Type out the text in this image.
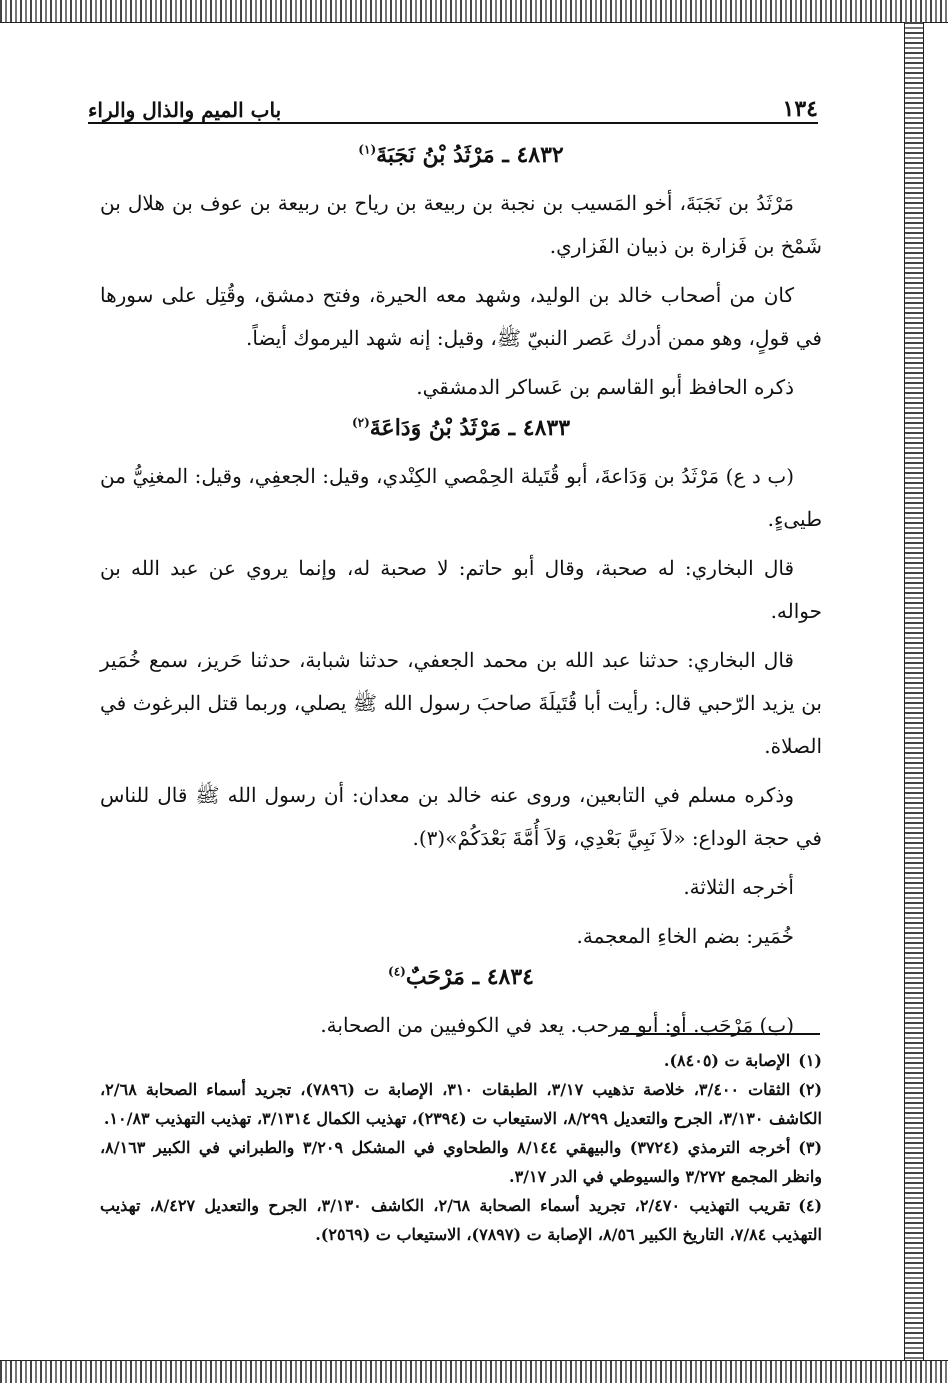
١٣٤
باب الميم والذال والراء
٤٨٣٢ ـ مَرْثَدُ بْنُ نَجَبَةَ$^{(١)}$

مَرْثَدُ بن نَجَبَةَ، أخو المَسيب بن نجبة بن ربيعة بن رياح بن ربيعة بن عوف بن هلال بن شَمْخ بن فَزارة بن ذبيان الفَزاري.

كان من أصحاب خالد بن الوليد، وشهد معه الحيرة، وفتح دمشق، وقُتِل على سورها في قولٍ، وهو ممن أدرك عَصر النبيّ ﷺ، وقيل: إنه شهد اليرموك أيضاً.

ذكره الحافظ أبو القاسم بن عَساكر الدمشقي.

٤٨٣٣ ـ مَرْثَدُ بْنُ وَدَاعَةَ$^{(٢)}$

(ب د ع) مَرْثَدُ بن وَدَاعةَ، أبو قُتَيلة الحِمْصي الكِنْدي، وقيل: الجعفِي، وقيل: المغنِيُّ من طيىءٍ.

قال البخاري: له صحبة، وقال أبو حاتم: لا صحبة له، وإنما يروي عن عبد الله بن حواله.

قال البخاري: حدثنا عبد الله بن محمد الجعفي، حدثنا شبابة، حدثنا حَريز، سمع خُمَير بن يزيد الرّحبي قال: رأيت أبا قُتَيلَةَ صاحبَ رسول الله ﷺ يصلي، وربما قتل البرغوث في الصلاة.

وذكره مسلم في التابعين، وروى عنه خالد بن معدان: أن رسول الله ﷺ قال للناس في حجة الوداع: «لاَ نَبِيَّ بَعْدِي، وَلاَ أُمَّةَ بَعْدَكُمْ»(٣).

أخرجه الثلاثة.

خُمَير: بضم الخاءِ المعجمة.

٤٨٣٤ ـ مَرْحَبٌ$^{(٤)}$

(ب) مَرْحَب. أو: أبو مرحب. يعد في الكوفيين من الصحابة.

(١)الإصابة ت (٨٤٠٥).

(٢)الثقات ٣/٤٠٠، خلاصة تذهيب ٣/١٧، الطبقات ٣١٠، الإصابة ت (٧٨٩٦)، تجريد أسماء الصحابة ٢/٦٨، الكاشف ٣/١٣٠، الجرح والتعديل ٨/٢٩٩، الاستيعاب ت (٢٣٩٤)، تهذيب الكمال ٣/١٣١٤، تهذيب التهذيب ١٠/٨٣.

(٣)أخرجه الترمذي (٣٧٢٤) والبيهقي ٨/١٤٤ والطحاوي في المشكل ٣/٢٠٩ والطبراني في الكبير ٨/١٦٣، وانظر المجمع ٣/٢٧٢ والسيوطي في الدر ٣/١٧.

(٤)تقريب التهذيب ٢/٤٧٠، تجريد أسماء الصحابة ٢/٦٨، الكاشف ٣/١٣٠، الجرح والتعديل ٨/٤٢٧، تهذيب التهذيب ٧/٨٤، التاريخ الكبير ٨/٥٦، الإصابة ت (٧٨٩٧)، الاستيعاب ت (٢٥٦٩).
